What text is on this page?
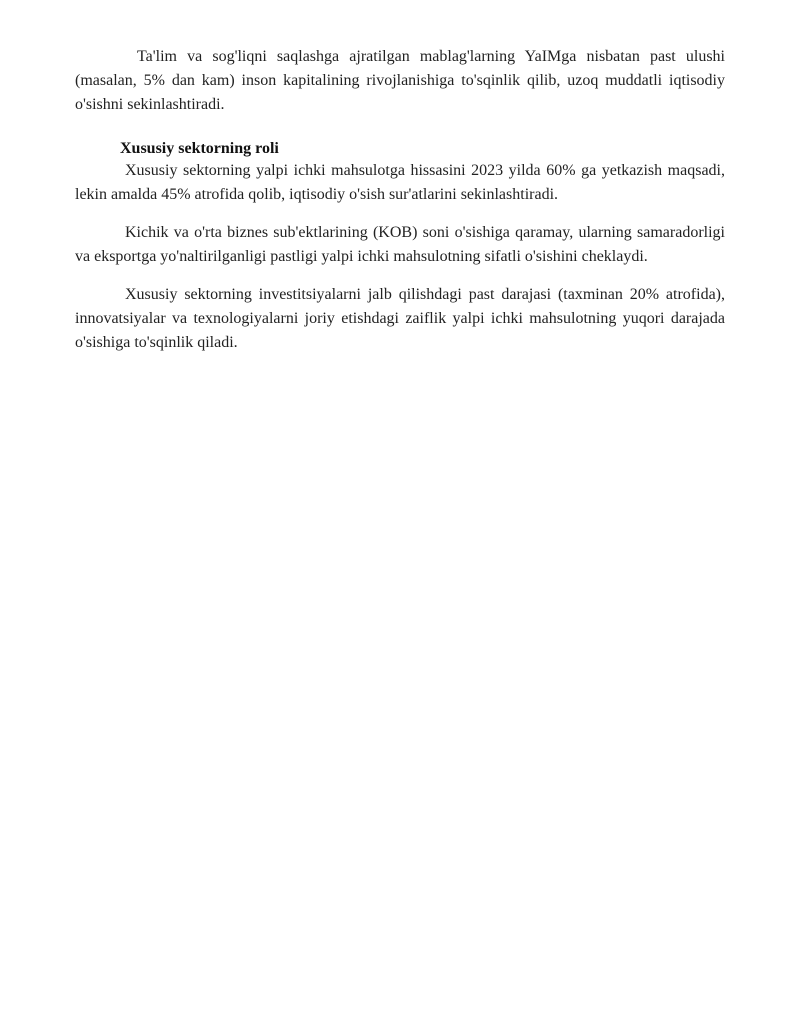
Ta'lim va sog'liqni saqlashga ajratilgan mablag'larning YaIMga nisbatan past ulushi (masalan, 5% dan kam) inson kapitalining rivojlanishiga to'sqinlik qilib, uzoq muddatli iqtisodiy o'sishni sekinlashtiradi.

Xususiy sektorning roli

Xususiy sektorning yalpi ichki mahsulotga hissasini 2023 yilda 60% ga yetkazish maqsadi, lekin amalda 45% atrofida qolib, iqtisodiy o'sish sur'atlarini sekinlashtiradi.

Kichik va o'rta biznes sub'ektlarining (KOB) soni o'sishiga qaramay, ularning samaradorligi va eksportga yo'naltirilganligi pastligi yalpi ichki mahsulotning sifatli o'sishini cheklaydi.

Xususiy sektorning investitsiyalarni jalb qilishdagi past darajasi (taxminan 20% atrofida), innovatsiyalar va texnologiyalarni joriy etishdagi zaiflik yalpi ichki mahsulotning yuqori darajada o'sishiga to'sqinlik qiladi.
